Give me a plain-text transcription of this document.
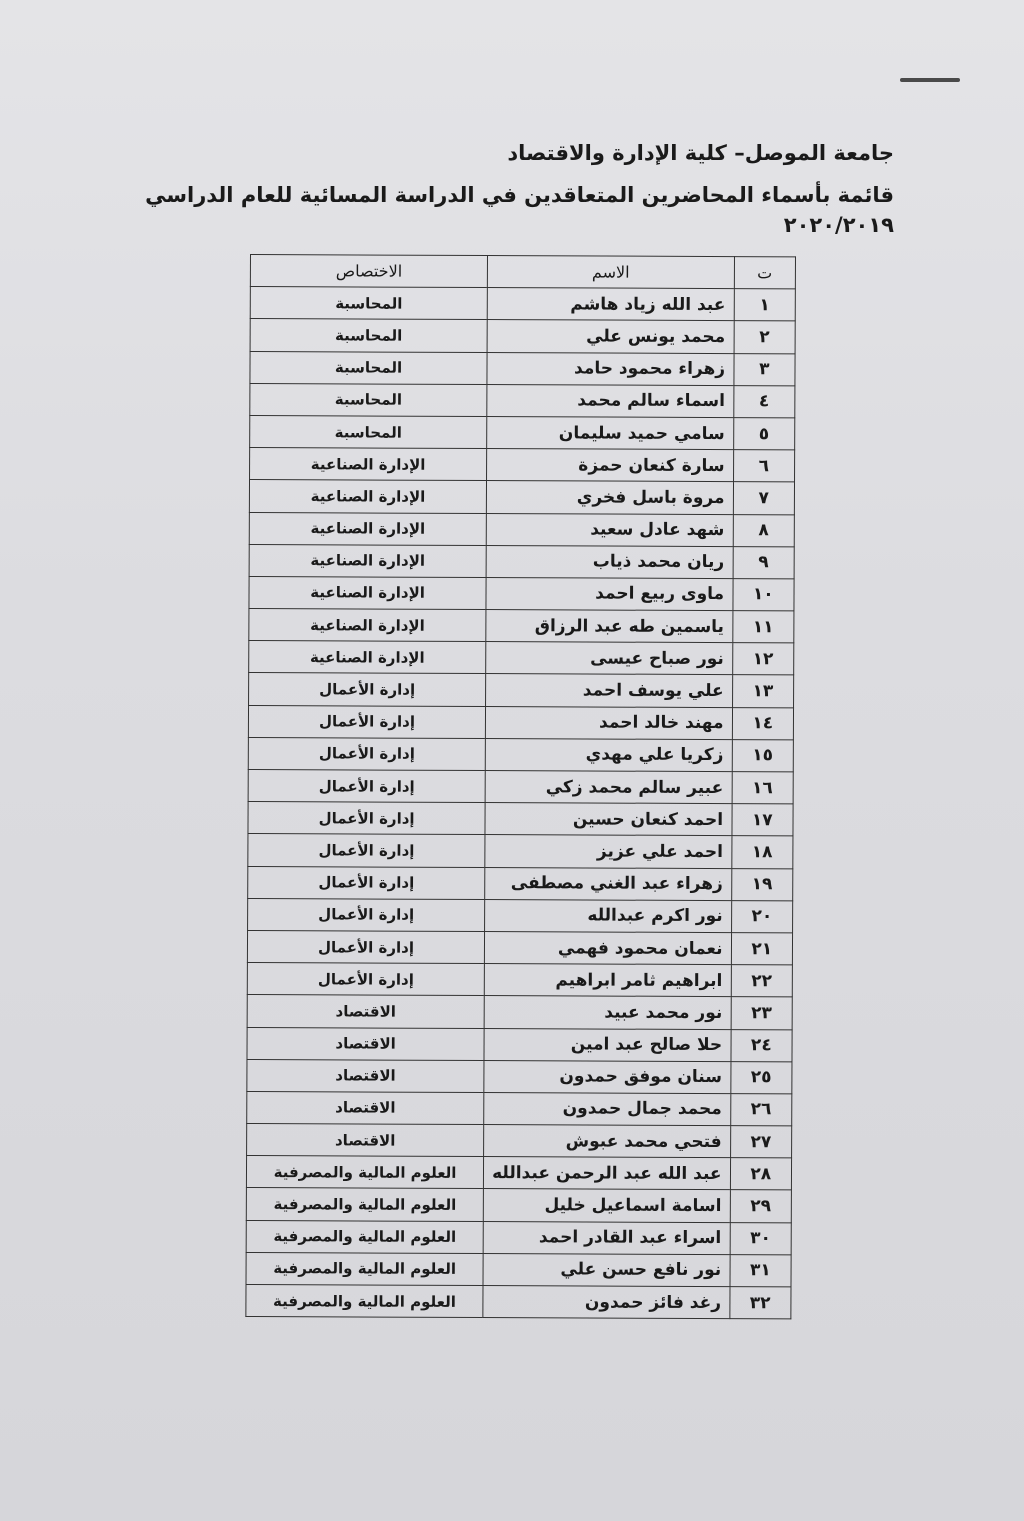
جامعة الموصل– كلية الإدارة والاقتصاد
قائمة بأسماء المحاضرين المتعاقدين في الدراسة المسائية للعام الدراسي ٢٠٢٠/٢٠١٩
ت	الاسم	الاختصاص
١	عبد الله زياد هاشم	المحاسبة
٢	محمد يونس علي	المحاسبة
٣	زهراء محمود حامد	المحاسبة
٤	اسماء سالم محمد	المحاسبة
٥	سامي حميد سليمان	المحاسبة
٦	سارة كنعان حمزة	الإدارة الصناعية
٧	مروة باسل فخري	الإدارة الصناعية
٨	شهد عادل سعيد	الإدارة الصناعية
٩	ريان محمد ذياب	الإدارة الصناعية
١٠	ماوى ربيع احمد	الإدارة الصناعية
١١	ياسمين طه عبد الرزاق	الإدارة الصناعية
١٢	نور صباح عيسى	الإدارة الصناعية
١٣	علي يوسف احمد	إدارة الأعمال
١٤	مهند خالد احمد	إدارة الأعمال
١٥	زكريا علي مهدي	إدارة الأعمال
١٦	عبير سالم محمد زكي	إدارة الأعمال
١٧	احمد كنعان حسين	إدارة الأعمال
١٨	احمد علي عزيز	إدارة الأعمال
١٩	زهراء عبد الغني مصطفى	إدارة الأعمال
٢٠	نور اكرم عبدالله	إدارة الأعمال
٢١	نعمان محمود فهمي	إدارة الأعمال
٢٢	ابراهيم ثامر ابراهيم	إدارة الأعمال
٢٣	نور محمد عبيد	الاقتصاد
٢٤	حلا صالح عبد امين	الاقتصاد
٢٥	سنان موفق حمدون	الاقتصاد
٢٦	محمد جمال حمدون	الاقتصاد
٢٧	فتحي محمد عبوش	الاقتصاد
٢٨	عبد الله عبد الرحمن عبدالله	العلوم المالية والمصرفية
٢٩	اسامة اسماعيل خليل	العلوم المالية والمصرفية
٣٠	اسراء عبد القادر احمد	العلوم المالية والمصرفية
٣١	نور نافع حسن علي	العلوم المالية والمصرفية
٣٢	رغد فائز حمدون	العلوم المالية والمصرفية
